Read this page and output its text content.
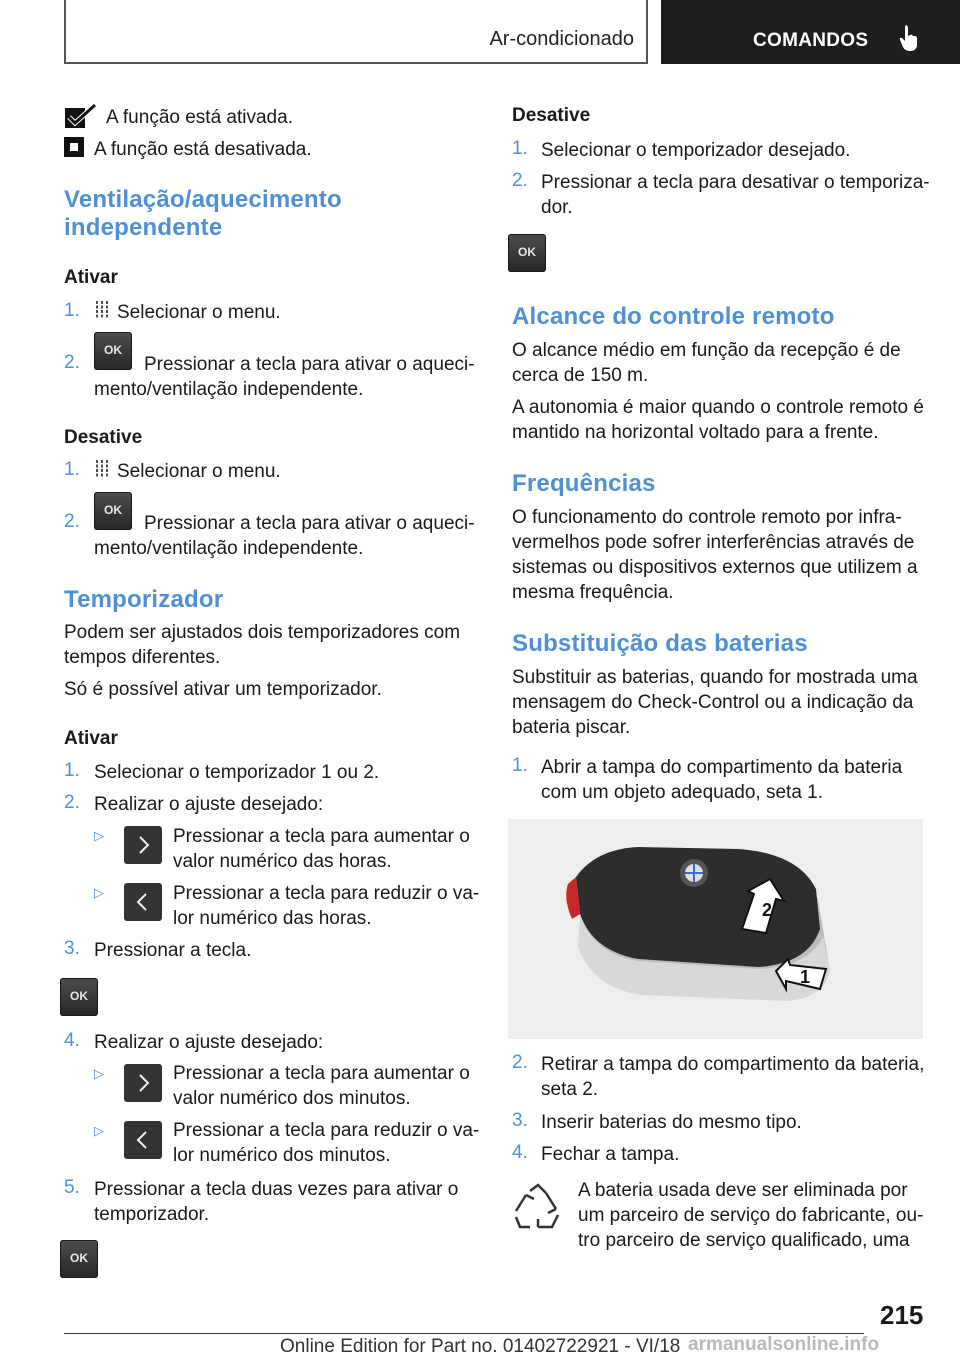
Ar-condicionado	COMANDOS
A função está ativada.
A função está desativada.
Ventilação/aquecimento
independente
Ativar
1. Selecionar o menu.
2.
OK
Pressionar a tecla para ativar o aqueci-
mento/ventilação independente.
Desative
1. Selecionar o menu.
2.
OK
Pressionar a tecla para ativar o aqueci-
mento/ventilação independente.
Temporizador
Podem ser ajustados dois temporizadores com
tempos diferentes.
Só é possível ativar um temporizador.
Ativar
1. Selecionar o temporizador 1 ou 2.
2. Realizar o ajuste desejado:
▷	Pressionar a tecla para aumentar o
valor numérico das horas.
▷	Pressionar a tecla para reduzir o va-
lor numérico das horas.
3. Pressionar a tecla.
OK
4. Realizar o ajuste desejado:
▷	Pressionar a tecla para aumentar o
valor numérico dos minutos.
▷	Pressionar a tecla para reduzir o va-
lor numérico dos minutos.
5. Pressionar a tecla duas vezes para ativar o
temporizador.
OK
Desative
1. Selecionar o temporizador desejado.
2. Pressionar a tecla para desativar o temporiza-
dor.
OK
Alcance do controle remoto
O alcance médio em função da recepção é de
cerca de 150 m.
A autonomia é maior quando o controle remoto é
mantido na horizontal voltado para a frente.
Frequências
O funcionamento do controle remoto por infra-
vermelhos pode sofrer interferências através de
sistemas ou dispositivos externos que utilizem a
mesma frequência.
Substituição das baterias
Substituir as baterias, quando for mostrada uma
mensagem do Check-Control ou a indicação da
bateria piscar.
1. Abrir a tampa do compartimento da bateria
com um objeto adequado, seta 1.
2
1
2. Retirar a tampa do compartimento da bateria,
seta 2.
3. Inserir baterias do mesmo tipo.
4. Fechar a tampa.
A bateria usada deve ser eliminada por
um parceiro de serviço do fabricante, ou-
tro parceiro de serviço qualificado, uma
215
Online Edition for Part no. 01402722921 - VI/18 armanualsonline.info
